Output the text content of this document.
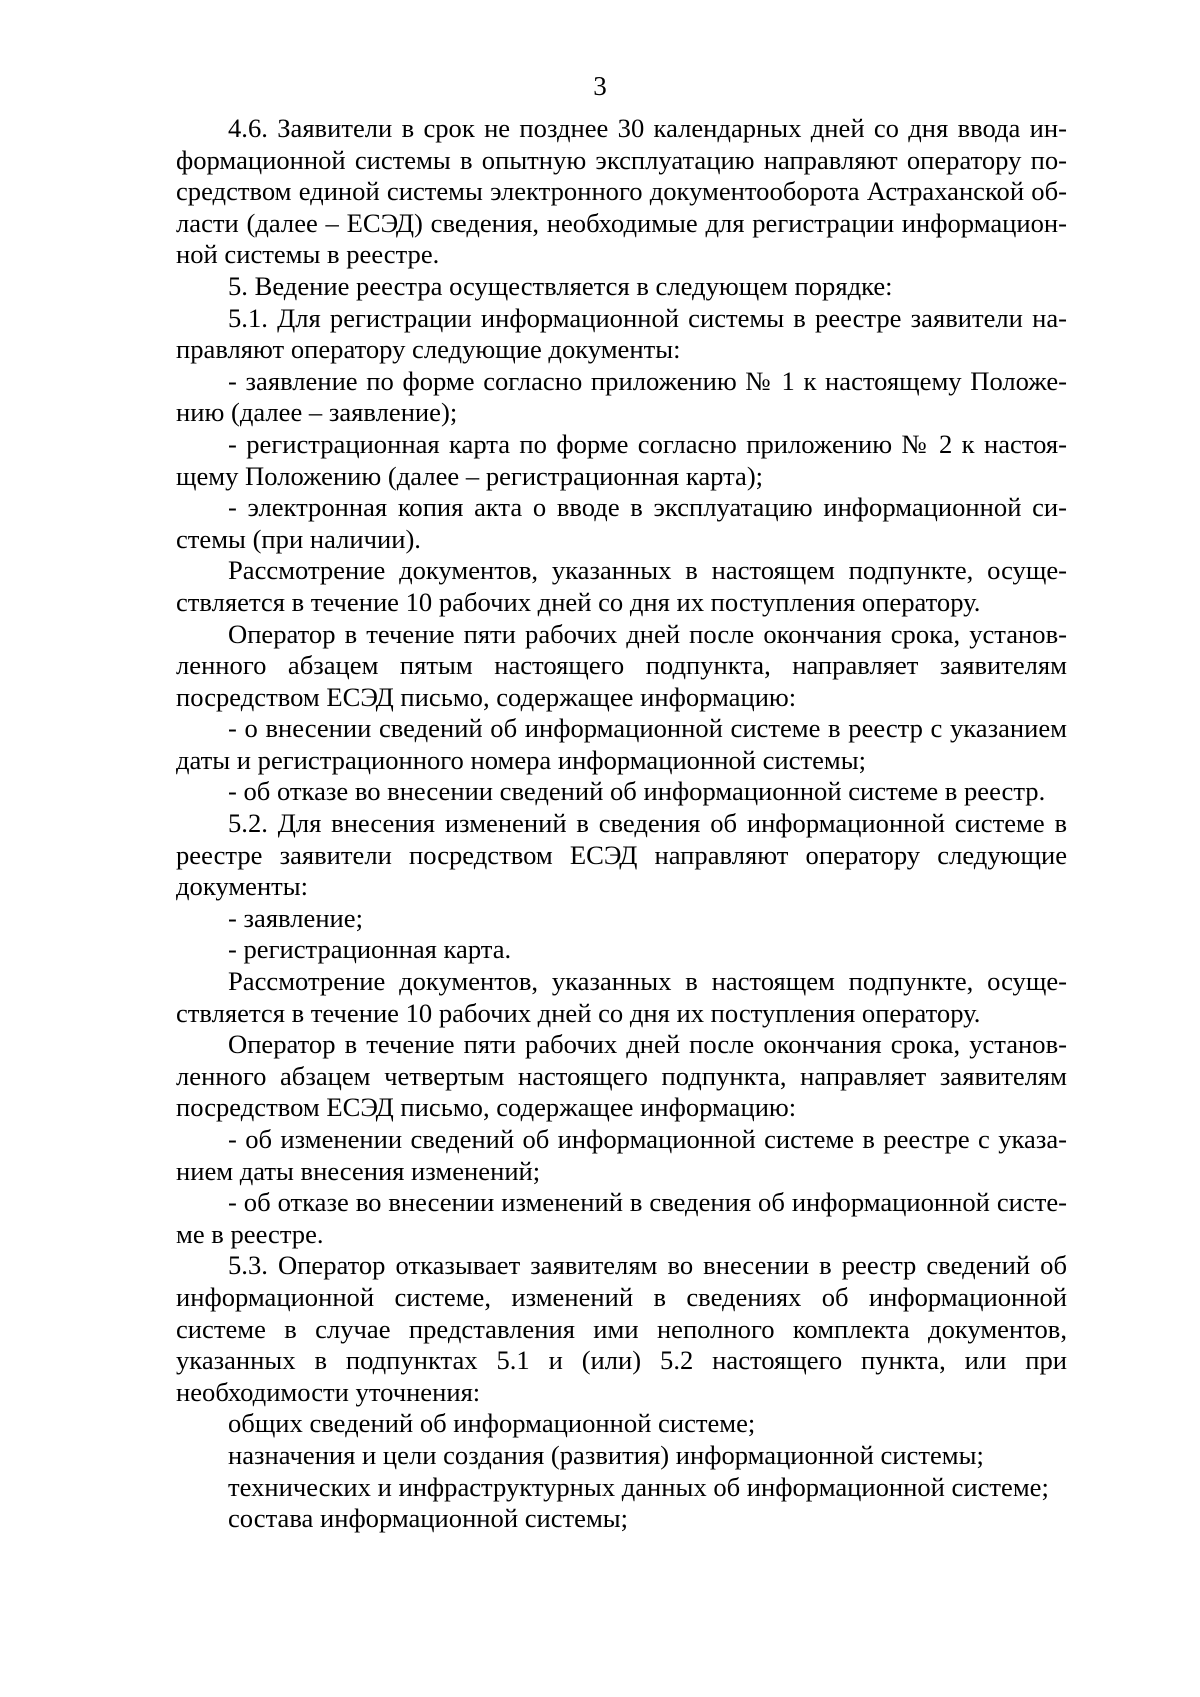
3

4.6. Заявители в срок не позднее 30 календарных дней со дня ввода информационной системы в опытную эксплуатацию направляют оператору посредством единой системы электронного документооборота Астраханской области (далее – ЕСЭД) сведения, необходимые для регистрации информационной системы в реестре.

5. Ведение реестра осуществляется в следующем порядке:

5.1. Для регистрации информационной системы в реестре заявители направляют оператору следующие документы:

- заявление по форме согласно приложению № 1 к настоящему Положению (далее – заявление);

- регистрационная карта по форме согласно приложению № 2 к настоящему Положению (далее – регистрационная карта);

- электронная копия акта о вводе в эксплуатацию информационной системы (при наличии).

Рассмотрение документов, указанных в настоящем подпункте, осуществляется в течение 10 рабочих дней со дня их поступления оператору.

Оператор в течение пяти рабочих дней после окончания срока, установленного абзацем пятым настоящего подпункта, направляет заявителям посредством ЕСЭД письмо, содержащее информацию:

- о внесении сведений об информационной системе в реестр с указанием даты и регистрационного номера информационной системы;

- об отказе во внесении сведений об информационной системе в реестр.

5.2. Для внесения изменений в сведения об информационной системе в реестре заявители посредством ЕСЭД направляют оператору следующие документы:

- заявление;

- регистрационная карта.

Рассмотрение документов, указанных в настоящем подпункте, осуществляется в течение 10 рабочих дней со дня их поступления оператору.

Оператор в течение пяти рабочих дней после окончания срока, установленного абзацем четвертым настоящего подпункта, направляет заявителям посредством ЕСЭД письмо, содержащее информацию:

- об изменении сведений об информационной системе в реестре с указанием даты внесения изменений;

- об отказе во внесении изменений в сведения об информационной системе в реестре.

5.3. Оператор отказывает заявителям во внесении в реестр сведений об информационной системе, изменений в сведениях об информационной системе в случае представления ими неполного комплекта документов, указанных в подпунктах 5.1 и (или) 5.2 настоящего пункта, или при необходимости уточнения:

общих сведений об информационной системе;

назначения и цели создания (развития) информационной системы;

технических и инфраструктурных данных об информационной системе;

состава информационной системы;
